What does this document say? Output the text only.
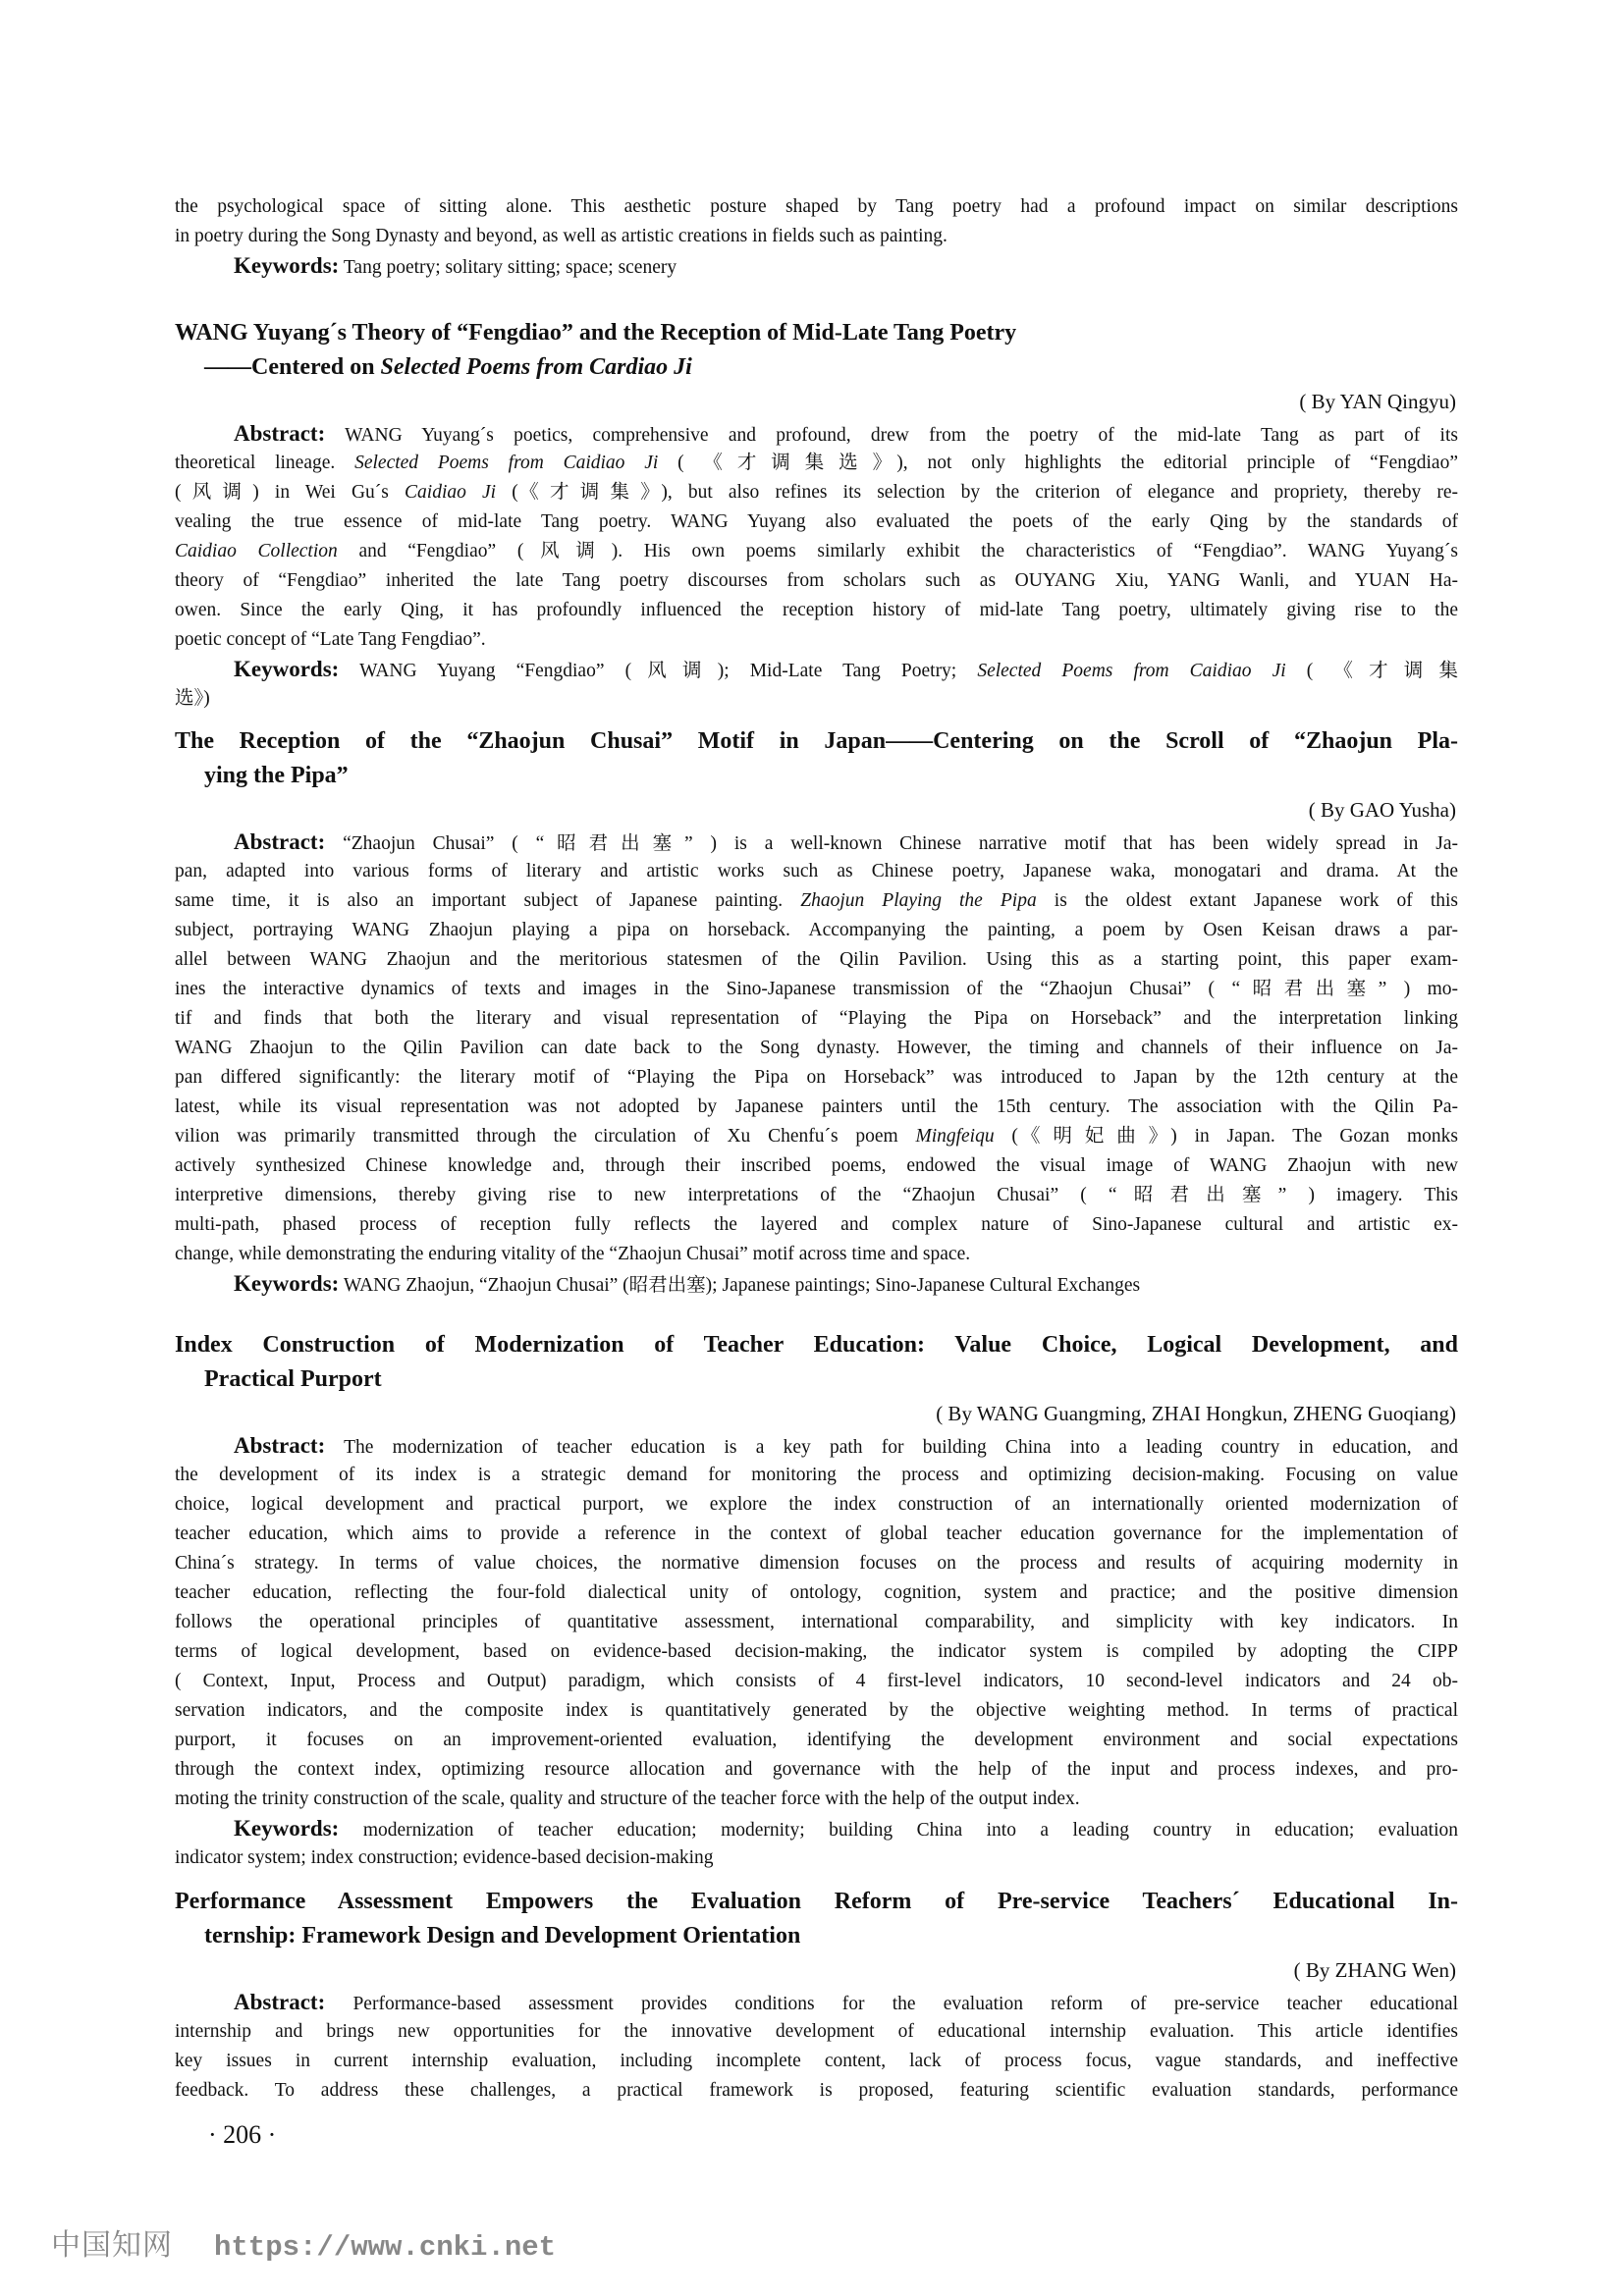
the psychological space of sitting alone. This aesthetic posture shaped by Tang poetry had a profound impact on similar descriptions
in poetry during the Song Dynasty and beyond, as well as artistic creations in fields such as painting.
Keywords: Tang poetry; solitary sitting; space; scenery
WANG Yuyang´s Theory of “Fengdiao” and the Reception of Mid-Late Tang Poetry
——Centered on Selected Poems from Cardiao Ji
( By YAN Qingyu)
Abstract: WANG Yuyang´s poetics, comprehensive and profound, drew from the poetry of the mid-late Tang as part of its
theoretical lineage. Selected Poems from Caidiao Ji ( 《才调集选》), not only highlights the editorial principle of “Fengdiao”
(风调) in Wei Gu´s Caidiao Ji (《才调集》), but also refines its selection by the criterion of elegance and propriety, thereby re-
vealing the true essence of mid-late Tang poetry. WANG Yuyang also evaluated the poets of the early Qing by the standards of
Caidiao Collection and “Fengdiao” (风调). His own poems similarly exhibit the characteristics of “Fengdiao”. WANG Yuyang´s
theory of “Fengdiao” inherited the late Tang poetry discourses from scholars such as OUYANG Xiu, YANG Wanli, and YUAN Ha-
owen. Since the early Qing, it has profoundly influenced the reception history of mid-late Tang poetry, ultimately giving rise to the
poetic concept of “Late Tang Fengdiao”.
Keywords: WANG Yuyang “Fengdiao” (风调); Mid-Late Tang Poetry; Selected Poems from Caidiao Ji ( 《才调集
选》)
The Reception of the “Zhaojun Chusai” Motif in Japan——Centering on the Scroll of “Zhaojun Pla-
ying the Pipa”
( By GAO Yusha)
Abstract: “Zhaojun Chusai” ( “昭君出塞” ) is a well-known Chinese narrative motif that has been widely spread in Ja-
pan, adapted into various forms of literary and artistic works such as Chinese poetry, Japanese waka, monogatari and drama. At the
same time, it is also an important subject of Japanese painting. Zhaojun Playing the Pipa is the oldest extant Japanese work of this
subject, portraying WANG Zhaojun playing a pipa on horseback. Accompanying the painting, a poem by Osen Keisan draws a par-
allel between WANG Zhaojun and the meritorious statesmen of the Qilin Pavilion. Using this as a starting point, this paper exam-
ines the interactive dynamics of texts and images in the Sino-Japanese transmission of the “Zhaojun Chusai” ( “昭君出塞” ) mo-
tif and finds that both the literary and visual representation of “Playing the Pipa on Horseback” and the interpretation linking
WANG Zhaojun to the Qilin Pavilion can date back to the Song dynasty. However, the timing and channels of their influence on Ja-
pan differed significantly: the literary motif of “Playing the Pipa on Horseback” was introduced to Japan by the 12th century at the
latest, while its visual representation was not adopted by Japanese painters until the 15th century. The association with the Qilin Pa-
vilion was primarily transmitted through the circulation of Xu Chenfu´s poem Mingfeiqu (《明妃曲》) in Japan. The Gozan monks
actively synthesized Chinese knowledge and, through their inscribed poems, endowed the visual image of WANG Zhaojun with new
interpretive dimensions, thereby giving rise to new interpretations of the “Zhaojun Chusai” ( “昭君出塞” ) imagery. This
multi-path, phased process of reception fully reflects the layered and complex nature of Sino-Japanese cultural and artistic ex-
change, while demonstrating the enduring vitality of the “Zhaojun Chusai” motif across time and space.
Keywords: WANG Zhaojun, “Zhaojun Chusai” (昭君出塞); Japanese paintings; Sino-Japanese Cultural Exchanges
Index Construction of Modernization of Teacher Education: Value Choice, Logical Development, and
Practical Purport
( By WANG Guangming, ZHAI Hongkun, ZHENG Guoqiang)
Abstract: The modernization of teacher education is a key path for building China into a leading country in education, and
the development of its index is a strategic demand for monitoring the process and optimizing decision-making. Focusing on value
choice, logical development and practical purport, we explore the index construction of an internationally oriented modernization of
teacher education, which aims to provide a reference in the context of global teacher education governance for the implementation of
China´s strategy. In terms of value choices, the normative dimension focuses on the process and results of acquiring modernity in
teacher education, reflecting the four-fold dialectical unity of ontology, cognition, system and practice; and the positive dimension
follows the operational principles of quantitative assessment, international comparability, and simplicity with key indicators. In
terms of logical development, based on evidence-based decision-making, the indicator system is compiled by adopting the CIPP
( Context, Input, Process and Output) paradigm, which consists of 4 first-level indicators, 10 second-level indicators and 24 ob-
servation indicators, and the composite index is quantitatively generated by the objective weighting method. In terms of practical
purport, it focuses on an improvement-oriented evaluation, identifying the development environment and social expectations
through the context index, optimizing resource allocation and governance with the help of the input and process indexes, and pro-
moting the trinity construction of the scale, quality and structure of the teacher force with the help of the output index.
Keywords: modernization of teacher education; modernity; building China into a leading country in education; evaluation
indicator system; index construction; evidence-based decision-making
Performance Assessment Empowers the Evaluation Reform of Pre-service Teachers´ Educational In-
ternship: Framework Design and Development Orientation
( By ZHANG Wen)
Abstract: Performance-based assessment provides conditions for the evaluation reform of pre-service teacher educational
internship and brings new opportunities for the innovative development of educational internship evaluation. This article identifies
key issues in current internship evaluation, including incomplete content, lack of process focus, vague standards, and ineffective
feedback. To address these challenges, a practical framework is proposed, featuring scientific evaluation standards, performance
· 206 ·
中国知网 https://www.cnki.net
